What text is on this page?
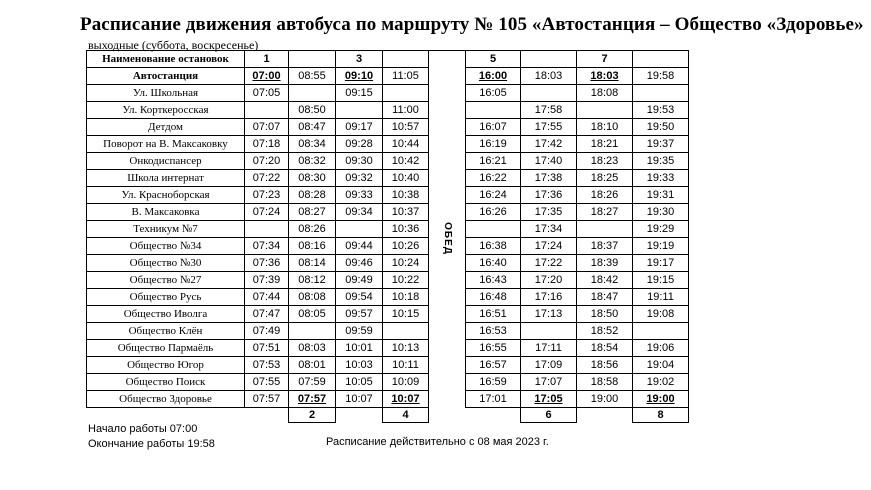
Расписание движения автобуса по маршруту № 105 «Автостанция – Общество «Здоровье»
выходные (суббота, воскресенье)
Наименование остановок	1		3			5		7	
Автостанция	07:00	08:55	09:10	11:05	ОБЕД	16:00	18:03	18:03	19:58
Ул. Школьная	07:05		09:15			16:05		18:08	
Ул. Корткеросская		08:50		11:00			17:58		19:53
Детдом	07:07	08:47	09:17	10:57		16:07	17:55	18:10	19:50
Поворот на В. Максаковку	07:18	08:34	09:28	10:44		16:19	17:42	18:21	19:37
Онкодиспансер	07:20	08:32	09:30	10:42		16:21	17:40	18:23	19:35
Школа интернат	07:22	08:30	09:32	10:40		16:22	17:38	18:25	19:33
Ул. Красноборская	07:23	08:28	09:33	10:38		16:24	17:36	18:26	19:31
В. Максаковка	07:24	08:27	09:34	10:37		16:26	17:35	18:27	19:30
Техникум №7		08:26		10:36			17:34		19:29
Общество №34	07:34	08:16	09:44	10:26		16:38	17:24	18:37	19:19
Общество №30	07:36	08:14	09:46	10:24		16:40	17:22	18:39	19:17
Общество №27	07:39	08:12	09:49	10:22		16:43	17:20	18:42	19:15
Общество Русь	07:44	08:08	09:54	10:18		16:48	17:16	18:47	19:11
Общество Иволга	07:47	08:05	09:57	10:15		16:51	17:13	18:50	19:08
Общество Клён	07:49		09:59			16:53		18:52	
Общество Пармаёль	07:51	08:03	10:01	10:13		16:55	17:11	18:54	19:06
Общество Югор	07:53	08:01	10:03	10:11		16:57	17:09	18:56	19:04
Общество Поиск	07:55	07:59	10:05	10:09		16:59	17:07	18:58	19:02
Общество Здоровье	07:57	07:57	10:07	10:07		17:01	17:05	19:00	19:00
		2		4			6		8
Начало работы 07:00
Окончание работы 19:58	Расписание действительно с 08 мая 2023 г.
